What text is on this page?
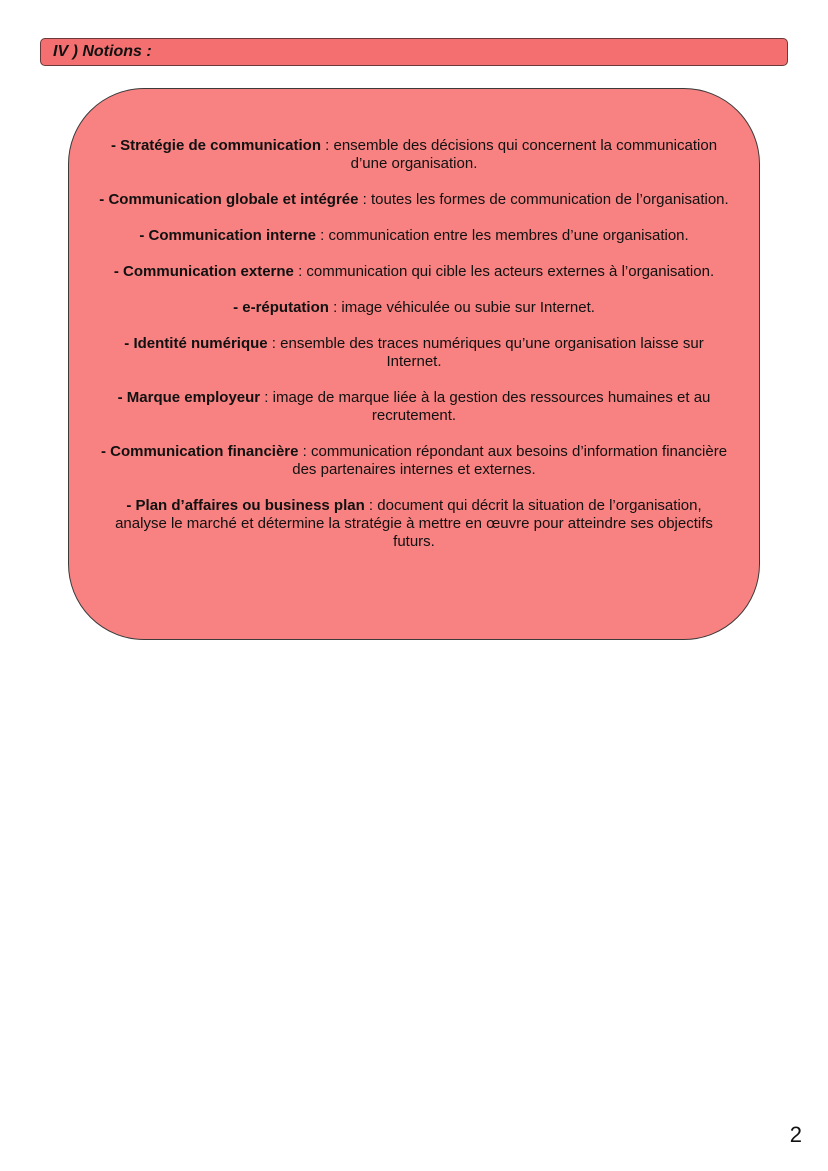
IV ) Notions :
- Stratégie de communication : ensemble des décisions qui concernent la communication d’une organisation.
- Communication globale et intégrée : toutes les formes de communication de l’organisation.
- Communication interne : communication entre les membres d’une organisation.
- Communication externe : communication qui cible les acteurs externes à l’organisation.
- e-réputation : image véhiculée ou subie sur Internet.
- Identité numérique : ensemble des traces numériques qu’une organisation laisse sur Internet.
- Marque employeur : image de marque liée à la gestion des ressources humaines et au recrutement.
- Communication financière : communication répondant aux besoins d’information financière des partenaires internes et externes.
- Plan d’affaires ou business plan : document qui décrit la situation de l’organisation, analyse le marché et détermine la stratégie à mettre en œuvre pour atteindre ses objectifs futurs.
2
